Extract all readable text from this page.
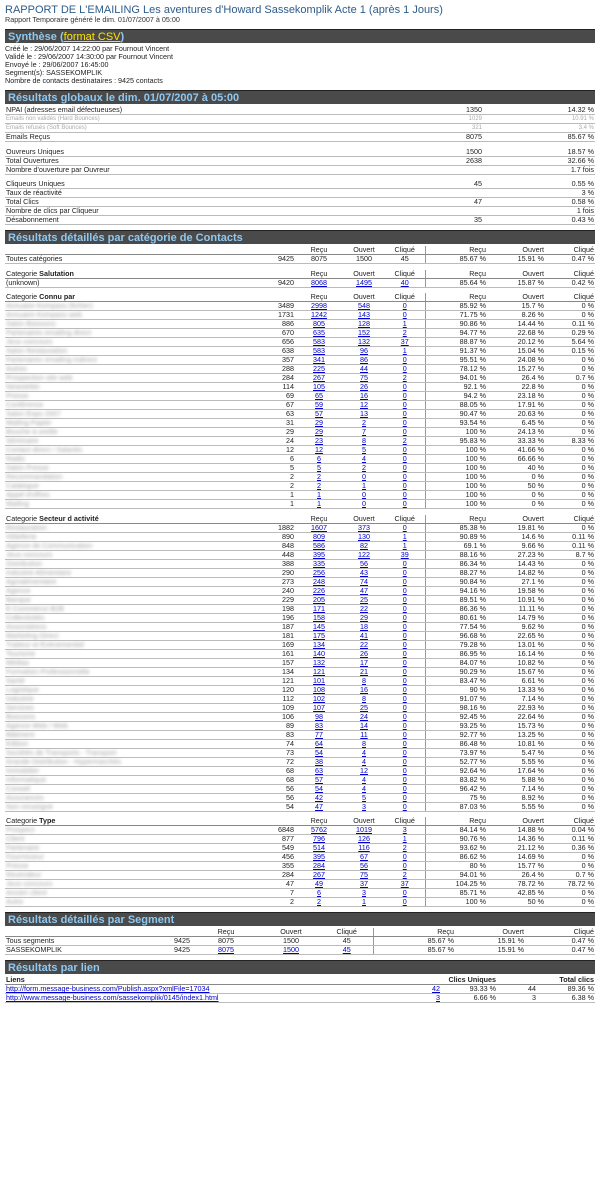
RAPPORT DE L'EMAILING Les aventures d'Howard Sassekomplik Acte 1 (après 1 Jours)
Rapport Temporaire généré le dim. 01/07/2007 à 05:00
Synthèse (format CSV)
Créé le : 29/06/2007 14:22:00 par Fournout Vincent
Validé le : 29/06/2007 14:30:00 par Fournout Vincent
Envoyé le : 29/06/2007 16:45:00
Segment(s): SASSEKOMPLIK
Nombre de contacts destinataires : 9425 contacts
Résultats globaux le dim. 01/07/2007 à 05:00
NPAI (adresses email défectueuses)	1350	14.32 %
Emails non validés (Hard Bounces)	1029	10.91 %
Emails refusés (Soft Bounces)	321	3.4 %
Emails Reçus	8075	85.67 %

Ouvreurs Uniques	1500	18.57 %
Total Ouvertures	2638	32.66 %
Nombre d'ouverture par Ouvreur		1.7 fois

Cliqueurs Uniques	45	0.55 %
Taux de réactivité		3 %
Total Clics	47	0.58 %
Nombre de clics par Cliqueur		1 fois
Désabonnement	35	0.43 %
Résultats détaillés par catégorie de Contacts
		Reçu	Ouvert	Cliqué	Reçu	Ouvert	Cliqué
Toutes catégories	9425	8075	1500	45	85.67 %	15.91 %	0.47 %

Categorie Salutation		Reçu	Ouvert	Cliqué	Reçu	Ouvert	Cliqué
(unknown)	9420	8068	1495	40	85.64 %	15.87 %	0.42 %

Categorie Connu par		Reçu	Ouvert	Cliqué	Reçu	Ouvert	Cliqué
Annuaire Kompass (fichier)	3489	2998	548	0	85.92 %	15.7 %	0 %
Annuaire Kompass web	1731	1242	143	0	71.75 %	8.26 %	0 %
Salon Boissons	886	805	128	1	90.86 %	14.44 %	0.11 %
Partenaires emailing direct	670	635	152	2	94.77 %	22.68 %	0.29 %
Jeux concours	656	583	132	37	88.87 %	20.12 %	5.64 %
Salon Restauration	638	583	96	1	91.37 %	15.04 %	0.15 %
Partenaires emailing indirect	357	341	86	0	95.51 %	24.08 %	0 %
Autres	288	225	44	0	78.12 %	15.27 %	0 %
Prospection site web	284	267	75	2	94.01 %	26.4 %	0.7 %
Newsletter	114	105	26	0	92.1 %	22.8 %	0 %
Presse	69	65	16	0	94.2 %	23.18 %	0 %
Conférence	67	59	12	0	88.05 %	17.91 %	0 %
Salon Expo 2007	63	57	13	0	90.47 %	20.63 %	0 %
Mailing Papier	31	29	2	0	93.54 %	6.45 %	0 %
Bouche à oreille	29	29	7	0	100 %	24.13 %	0 %
Séminaire	24	23	8	2	95.83 %	33.33 %	8.33 %
Contact direct / Salariés	12	12	5	0	100 %	41.66 %	0 %
Radio	6	6	4	0	100 %	66.66 %	0 %
Salon Presse	5	5	2	0	100 %	40 %	0 %
Recommandation	2	2	0	0	100 %	0 %	0 %
Catalogue	2	2	1	0	100 %	50 %	0 %
Appel d'offres	1	1	0	0	100 %	0 %	0 %
Mailing	1	1	0	0	100 %	0 %	0 %

Categorie Secteur d activité		Reçu	Ouvert	Cliqué	Reçu	Ouvert	Cliqué
Restauration	1882	1607	373	0	85.38 %	19.81 %	0 %
Hôtellerie	890	809	130	1	90.89 %	14.6 %	0.11 %
Agence de Communication	848	586	82	1	69.1 %	9.66 %	0.11 %
Jeux concours	448	395	122	39	88.16 %	27.23 %	8.7 %
Distribution	388	335	56	0	86.34 %	14.43 %	0 %
Industrie Alimentaire	290	256	43	0	88.27 %	14.82 %	0 %
Agroalimentaire	273	248	74	0	90.84 %	27.1 %	0 %
Agence	240	226	47	0	94.16 %	19.58 %	0 %
Banque	229	205	25	0	89.51 %	10.91 %	0 %
E-Commerce B2B	198	171	22	0	86.36 %	11.11 %	0 %
Collectivités	196	158	29	0	80.61 %	14.79 %	0 %
Associations	187	145	18	0	77.54 %	9.62 %	0 %
Marketing Direct	181	175	41	0	96.68 %	22.65 %	0 %
Traiteur et Evénementiel	169	134	22	0	79.28 %	13.01 %	0 %
Tourisme	161	140	26	0	86.95 %	16.14 %	0 %
Médias	157	132	17	0	84.07 %	10.82 %	0 %
Formation Professionnelle	134	121	21	0	90.29 %	15.67 %	0 %
Santé	121	101	8	0	83.47 %	6.61 %	0 %
Logistique	120	108	16	0	90 %	13.33 %	0 %
Industrie	112	102	8	0	91.07 %	7.14 %	0 %
Services	109	107	25	0	98.16 %	22.93 %	0 %
Boissons	106	98	24	0	92.45 %	22.64 %	0 %
Agence Web / Web	89	83	14	0	93.25 %	15.73 %	0 %
Bâtiment	83	77	11	0	92.77 %	13.25 %	0 %
Edition	74	64	8	0	86.48 %	10.81 %	0 %
Sociétés de Transports - Transport	73	54	4	0	73.97 %	5.47 %	0 %
Grande Distribution - Hypermarchés	72	38	4	0	52.77 %	5.55 %	0 %
Immobilier	68	63	12	0	92.64 %	17.64 %	0 %
Informatique	68	57	4	0	83.82 %	5.88 %	0 %
Conseil	56	54	4	0	96.42 %	7.14 %	0 %
Assurances	56	42	5	0	75 %	8.92 %	0 %
Non renseigné	54	47	3	0	87.03 %	5.55 %	0 %

Categorie Type		Reçu	Ouvert	Cliqué	Reçu	Ouvert	Cliqué
Prospect	6848	5762	1019	3	84.14 %	14.88 %	0.04 %
Client	877	796	126	1	90.76 %	14.36 %	0.11 %
Partenaire	549	514	116	2	93.62 %	21.12 %	0.36 %
Fournisseur	456	395	67	0	86.62 %	14.69 %	0 %
Presse	355	284	56	0	80 %	15.77 %	0 %
Revendeur	284	267	75	2	94.01 %	26.4 %	0.7 %
Jeux concours	47	49	37	37	104.25 %	78.72 %	78.72 %
Ancien client	7	6	3	0	85.71 %	42.85 %	0 %
Autre	2	2	1	0	100 %	50 %	0 %
Résultats détaillés par Segment
		Reçu	Ouvert	Cliqué	Reçu	Ouvert	Cliqué
Tous segments	9425	8075	1500	45	85.67 %	15.91 %	0.47 %
SASSEKOMPLIK	9425	8075	1500	45	85.67 %	15.91 %	0.47 %
Résultats par lien
Liens	Clics Uniques		Total clics	
http://form.message-business.com/Publish.aspx?xmlFile=17034	42	93.33 %	44	89.36 %
http://www.message-business.com/sassekomplik/0145/index1.html	3	6.66 %	3	6.38 %
